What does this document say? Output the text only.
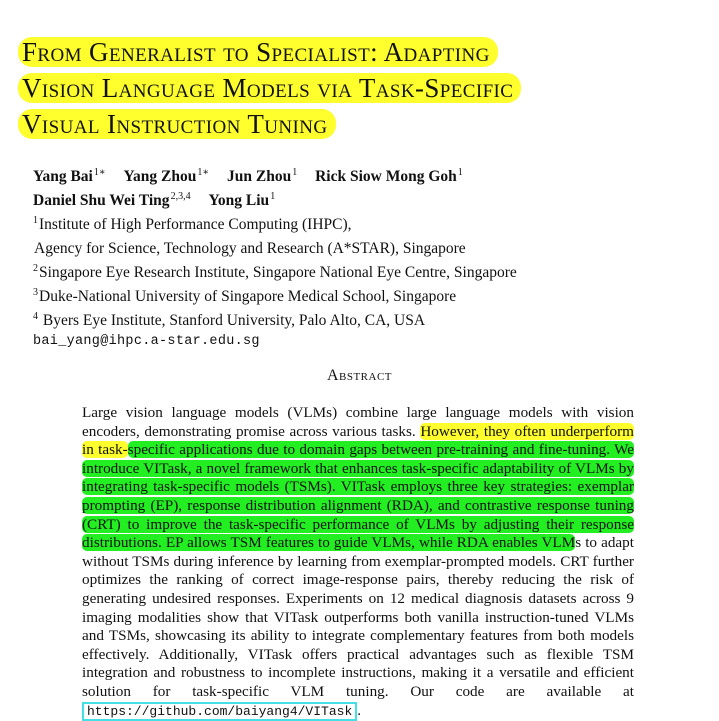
From Generalist to Specialist: Adapting
Vision Language Models via Task-Specific
Visual Instruction Tuning
Yang Bai$^{1∗}$ Yang Zhou$^{1∗}$ Jun Zhou$^1$ Rick Siow Mong Goh$^1$
Daniel Shu Wei Ting$^{2,3,4}$ Yong Liu$^1$
$^1$Institute of High Performance Computing (IHPC),
Agency for Science, Technology and Research (A*STAR), Singapore
$^2$Singapore Eye Research Institute, Singapore National Eye Centre, Singapore
$^3$Duke-National University of Singapore Medical School, Singapore
$^4$ Byers Eye Institute, Stanford University, Palo Alto, CA, USA
bai_yang@ihpc.a-star.edu.sg
Abstract
Large vision language models (VLMs) combine large language models with vision encoders, demonstrating promise across various tasks. However, they often underperform in task-specific applications due to domain gaps between pre-training and fine-tuning. We introduce VITask, a novel framework that enhances task-specific adaptability of VLMs by integrating task-specific models (TSMs). VITask employs three key strategies: exemplar prompting (EP), response distribution alignment (RDA), and contrastive response tuning (CRT) to improve the task-specific performance of VLMs by adjusting their response distributions. EP allows TSM features to guide VLMs, while RDA enables VLMs to adapt without TSMs during inference by learning from exemplar-prompted models. CRT further optimizes the ranking of correct image-response pairs, thereby reducing the risk of generating undesired responses. Experiments on 12 medical diagnosis datasets across 9 imaging modalities show that VITask outperforms both vanilla instruction-tuned VLMs and TSMs, showcasing its ability to integrate complementary features from both models effectively. Additionally, VITask offers practical advantages such as flexible TSM integration and robustness to incomplete instructions, making it a versatile and efficient solution for task-specific VLM tuning. Our code are available at https://github.com/baiyang4/VITask .
